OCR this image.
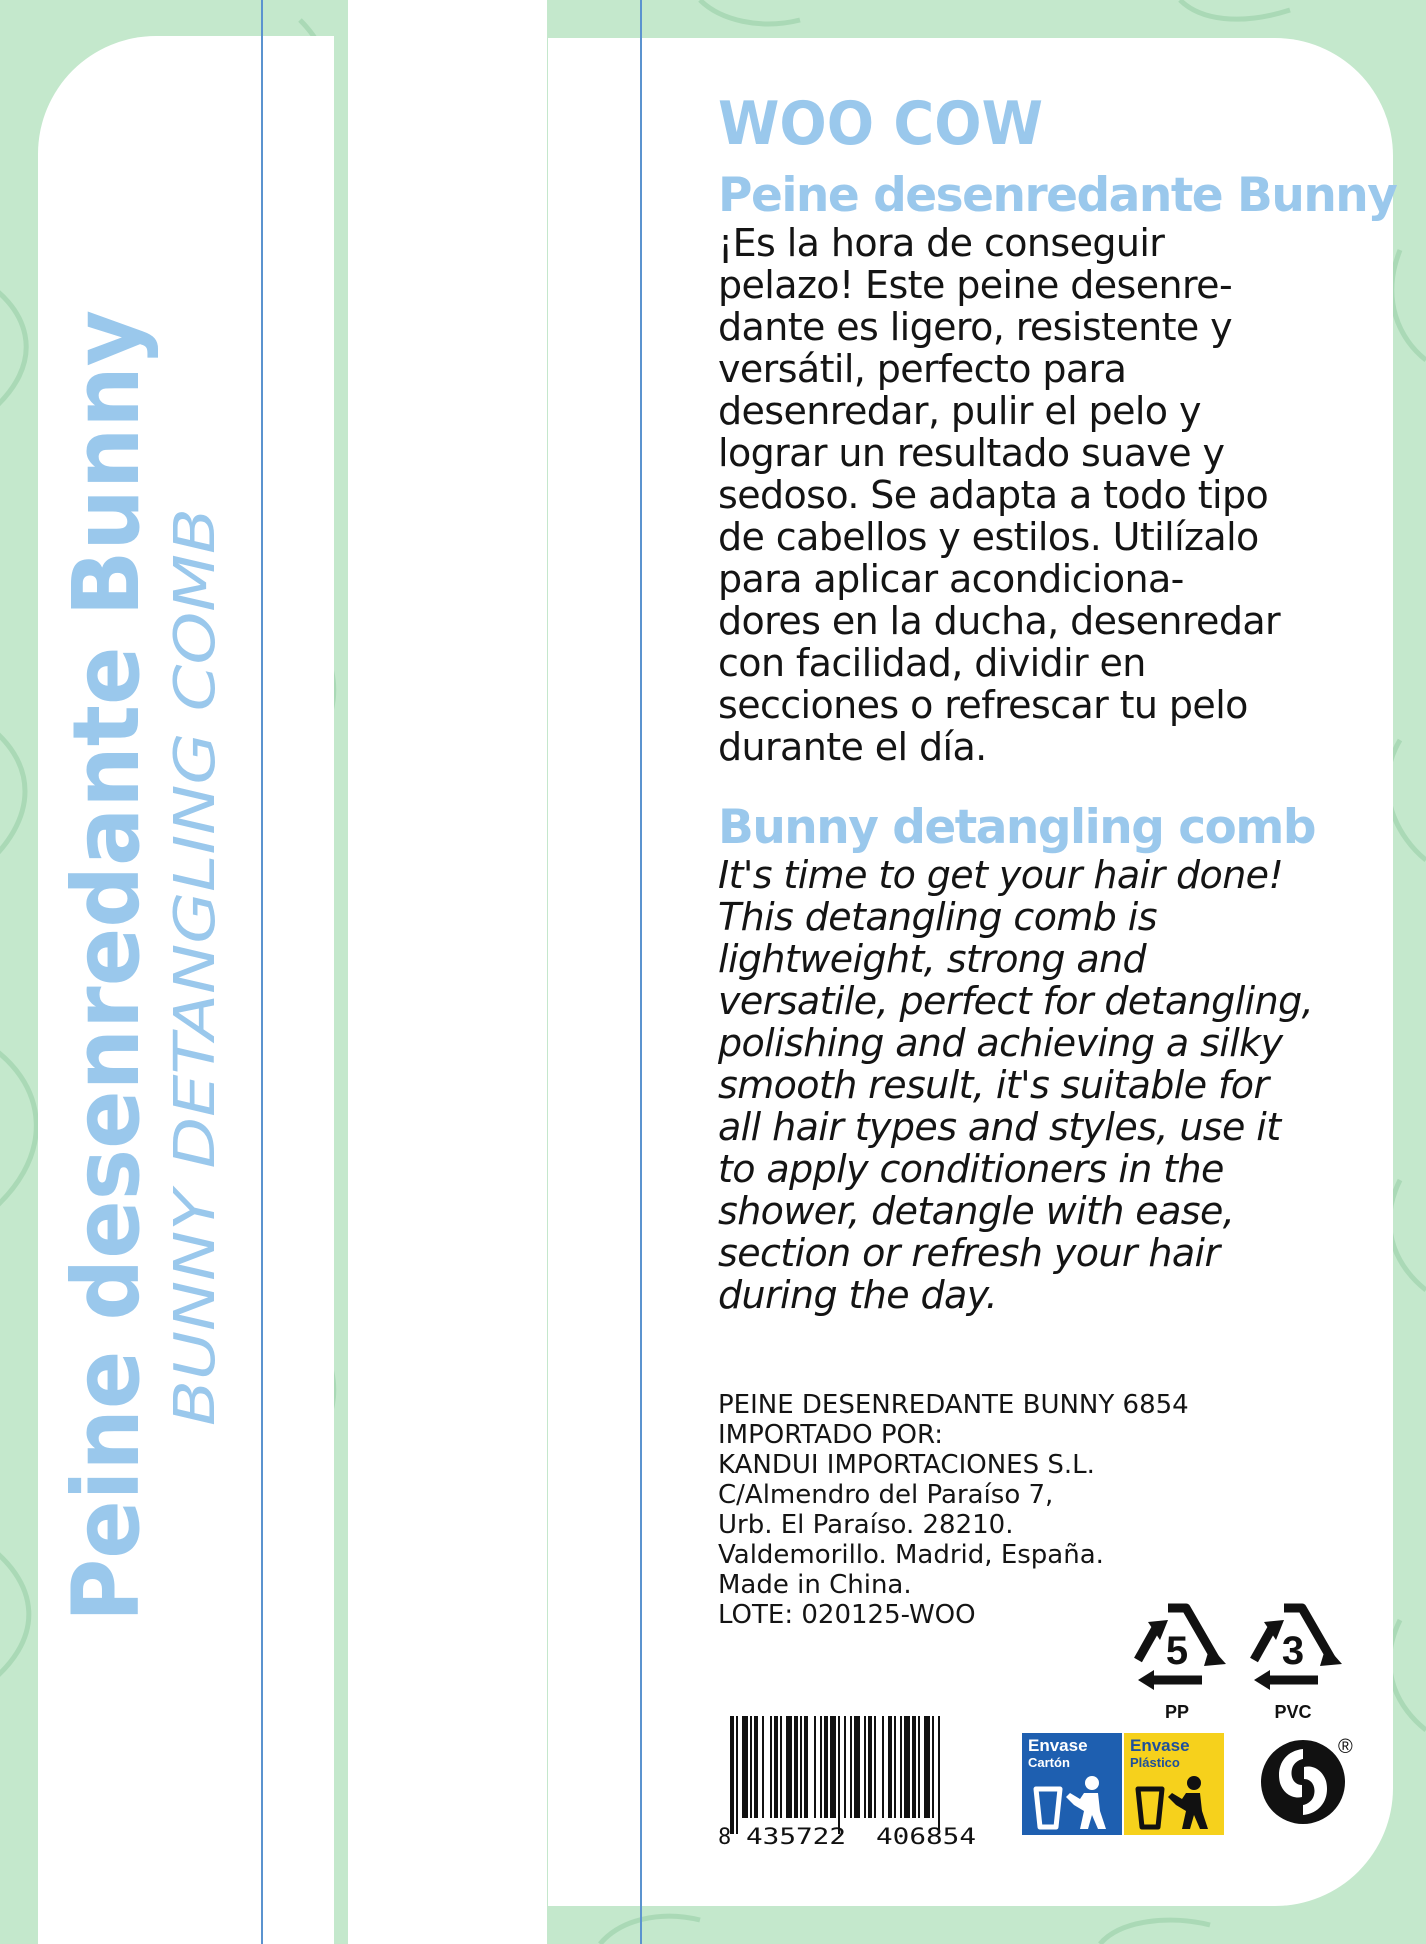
Peine desenredante Bunny BUNNY DETANGLING COMB
WOO COW
Peine desenredante Bunny

¡Es la hora de conseguir
pelazo! Este peine desenre-
dante es ligero, resistente y
versátil, perfecto para
desenredar, pulir el pelo y
lograr un resultado suave y
sedoso. Se adapta a todo tipo
de cabellos y estilos. Utilízalo
para aplicar acondiciona-
dores en la ducha, desenredar
con facilidad, dividir en
secciones o refrescar tu pelo
durante el día.

Bunny detangling comb

It's time to get your hair done!
This detangling comb is
lightweight, strong and
versatile, perfect for detangling,
polishing and achieving a silky
smooth result, it's suitable for
all hair types and styles, use it
to apply conditioners in the
shower, detangle with ease,
section or refresh your hair
during the day.

PEINE DESENREDANTE BUNNY 6854
IMPORTADO POR:
KANDUI IMPORTACIONES S.L.
C/Almendro del Paraíso 7,
Urb. El Paraíso. 28210.
Valdemorillo. Madrid, España.
Made in China.
LOTE: 020125-WOO
5
PP
3
PVC
8 435722 406854
Envase
Cartón
Envase
Plástico
®
